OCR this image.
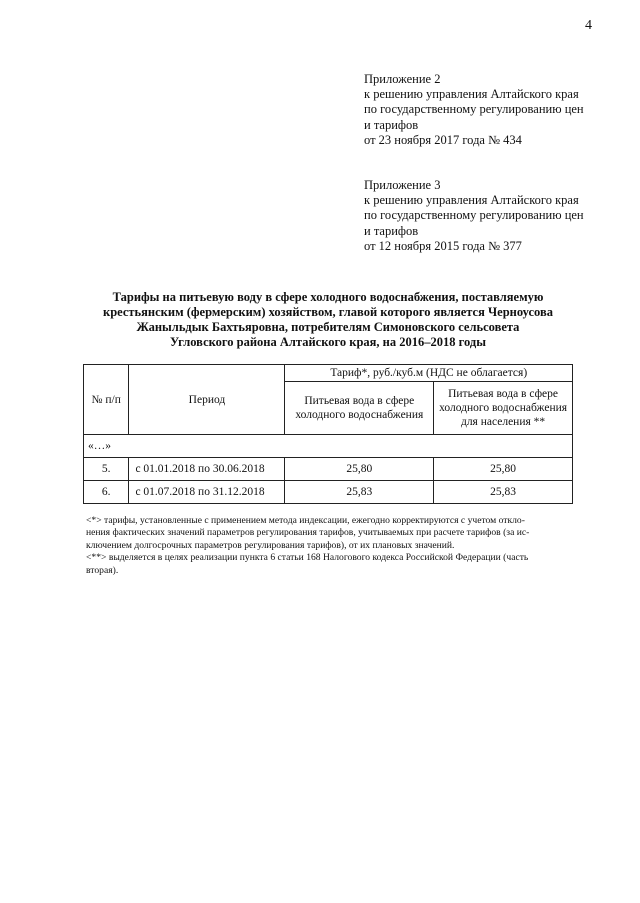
4
Приложение 2
к решению управления Алтайского края
по государственному регулированию цен
и тарифов
от 23 ноября 2017 года № 434
Приложение 3
к решению управления Алтайского края
по государственному регулированию цен
и тарифов
от 12 ноября 2015 года № 377
Тарифы на питьевую воду в сфере холодного водоснабжения, поставляемую
крестьянским (фермерским) хозяйством, главой которого является Черноусова
Жаныльдык Бахтьяровна, потребителям Симоновского сельсовета
Угловского района Алтайского края, на 2016–2018 годы
№ п/п	Период	Тариф*, руб./куб.м (НДС не облагается)	
		Питьевая вода в сфере холодного водоснабжения	Питьевая вода в сфере
холодного водоснабжения
для населения **

«…»			
5.	с 01.01.2018 по 30.06.2018	25,80	25,80
6.	с 01.07.2018 по 31.12.2018	25,83	25,83
<*> тарифы, установленные с применением метода индексации, ежегодно корректируются с учетом откло-
нения фактических значений параметров регулирования тарифов, учитываемых при расчете тарифов (за ис-
ключением долгосрочных параметров регулирования тарифов), от их плановых значений.
<**> выделяется в целях реализации пункта 6 статьи 168 Налогового кодекса Российской Федерации (часть
вторая).
